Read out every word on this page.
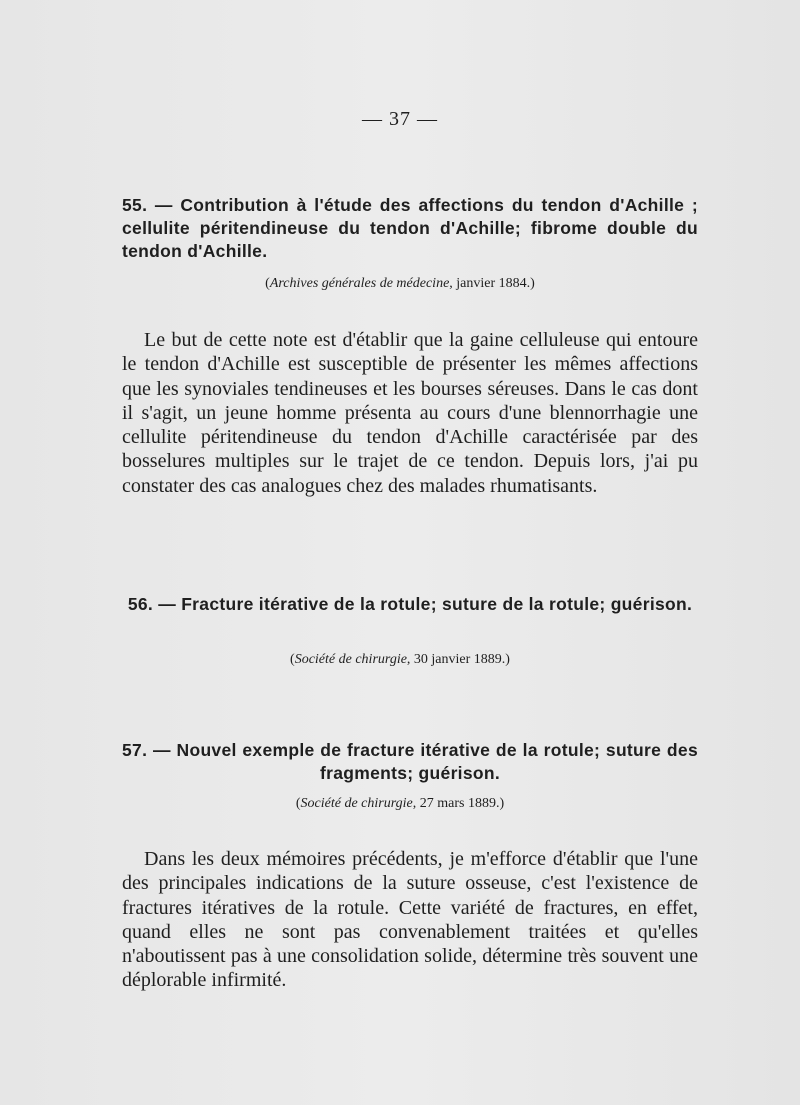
— 37 —
55. — Contribution à l'étude des affections du tendon d'Achille ; cellulite péritendineuse du tendon d'Achille; fibrome double du tendon d'Achille.
(Archives générales de médecine, janvier 1884.)
Le but de cette note est d'établir que la gaine celluleuse qui entoure le tendon d'Achille est susceptible de présenter les mêmes affections que les synoviales tendineuses et les bourses séreuses. Dans le cas dont il s'agit, un jeune homme présenta au cours d'une blennorrhagie une cellulite péritendineuse du tendon d'Achille caractérisée par des bosselures multiples sur le trajet de ce tendon. Depuis lors, j'ai pu constater des cas analogues chez des malades rhumatisants.
56. — Fracture itérative de la rotule; suture de la rotule; guérison.
(Société de chirurgie, 30 janvier 1889.)
57. — Nouvel exemple de fracture itérative de la rotule; suture des fragments; guérison.
(Société de chirurgie, 27 mars 1889.)
Dans les deux mémoires précédents, je m'efforce d'établir que l'une des principales indications de la suture osseuse, c'est l'existence de fractures itératives de la rotule. Cette variété de fractures, en effet, quand elles ne sont pas convenablement traitées et qu'elles n'aboutissent pas à une consolidation solide, détermine très souvent une déplorable infirmité.
